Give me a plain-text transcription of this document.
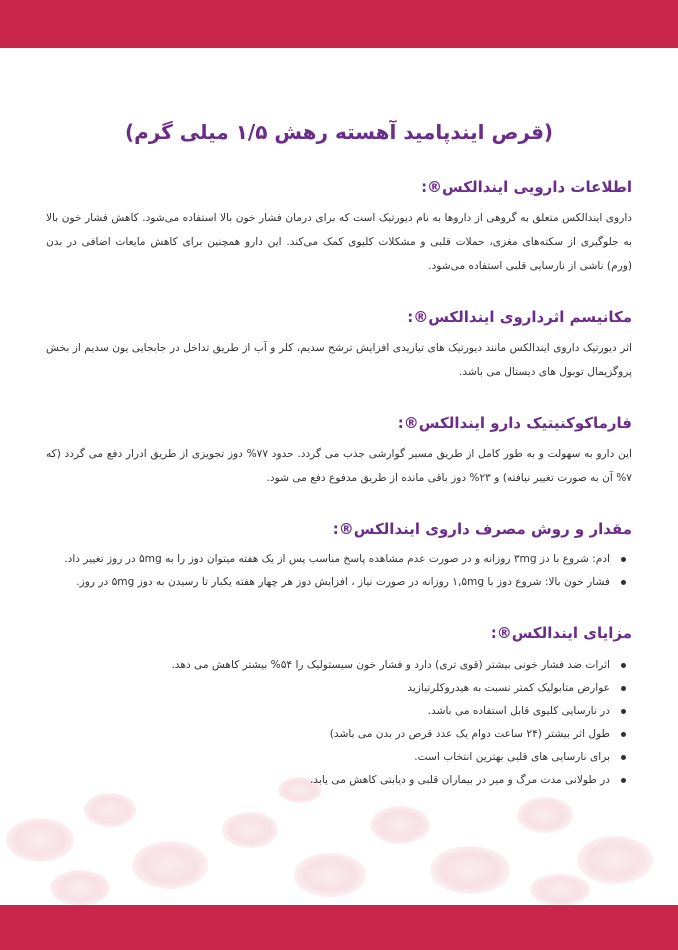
(قرص ایندپامید آهسته رهش ۱/۵ میلی گرم)
اطلاعات دارویی ایندالکس®:

داروی ایندالکس متعلق به گروهی از داروها به نام دیورتیک است که برای درمان فشار خون بالا استفاده می‌شود. کاهش فشار خون بالا به جلوگیری از سکته‌های مغزی، حملات قلبی و مشکلات کلیوی کمک می‌کند. این دارو همچنین برای کاهش مایعات اضافی در بدن (ورم) ناشی از نارسایی قلبی استفاده می‌شود.

مکانیسم اثرداروی ایندالکس®:

اثر دیورتیک داروی ایندالکس مانند دیورتیک های تیازیدی افزایش ترشح سدیم، کلر و آب از طریق تداخل در جابجایی یون سدیم از بخش پروگزیمال توبول های دیستال می باشد.

فارماکوکنیتیک دارو ایندالکس®:

این دارو به سهولت و به طور کامل از طریق مسیر گوارشی جذب می گردد. حدود ۷۷% دوز تجویزی از طریق ادرار دفع می گردد (که ۷% آن به صورت تغییر نیافته) و ۲۳% دوز باقی مانده از طریق مدفوع دفع می شود.

مقدار و روش مصرف داروی ایندالکس®:
ادم: شروع با دز ۳mg روزانه و در صورت عدم مشاهده پاسخ مناسب پس از یک هفته میتوان دوز را به ۵mg در روز تغییر داد.
فشار خون بالا: شروع دوز با ۱,۵mg روزانه در صورت نیاز ، افزایش دوز هر چهار هفته یکبار تا رسیدن به دوز ۵mg در روز.
مزایای ایندالکس®:
اثرات ضد فشار خونی بیشتر (قوی تری) دارد و فشار خون سیستولیک را ۵۴% بیشتر کاهش می دهد.
عوارض متابولیک کمتر نسبت به هیدروکلرتیازید
در نارسایی کلیوی قابل استفاده می باشد.
طول اثر بیشتر (۲۴ ساعت دوام یک عدد قرص در بدن می باشد)
برای نارسایی های قلبی بهترین انتخاب است.
در طولانی مدت مرگ و میر در بیماران قلبی و دیابتی کاهش می یابد.
